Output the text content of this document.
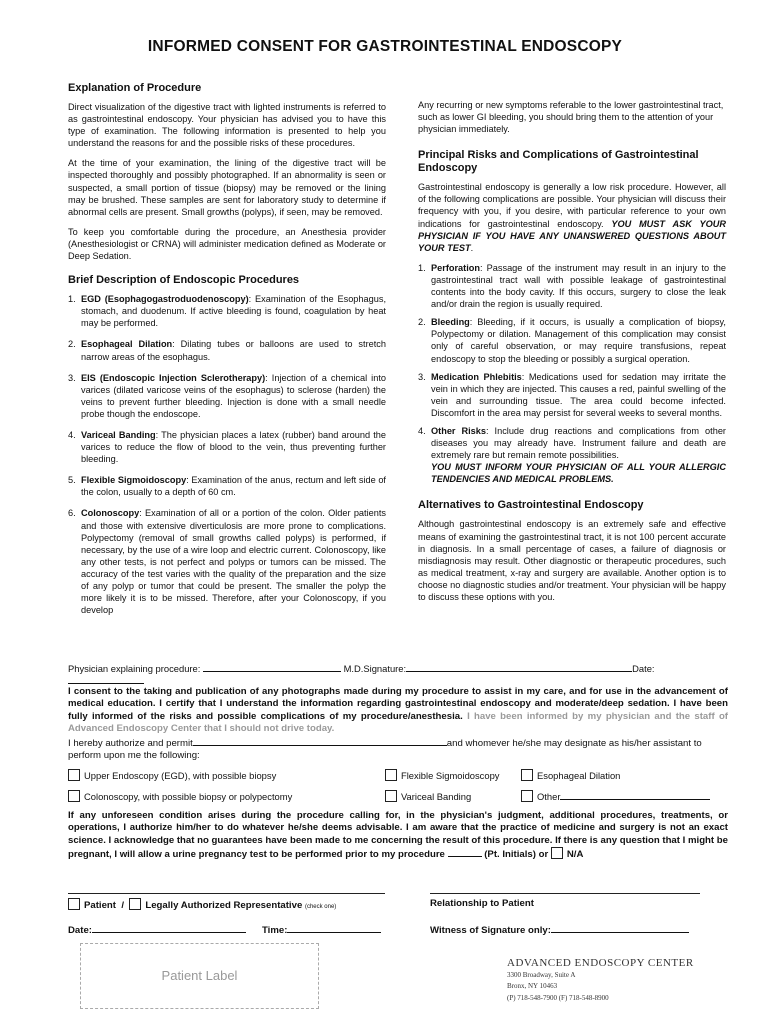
INFORMED CONSENT FOR GASTROINTESTINAL ENDOSCOPY
Explanation of Procedure

Direct visualization of the digestive tract with lighted instruments is referred to as gastrointestinal endoscopy. Your physician has advised you to have this type of examination. The following information is presented to help you understand the reasons for and the possible risks of these procedures.

At the time of your examination, the lining of the digestive tract will be inspected thoroughly and possibly photographed. If an abnormality is seen or suspected, a small portion of tissue (biopsy) may be removed or the lining may be brushed. These samples are sent for laboratory study to determine if abnormal cells are present. Small growths (polyps), if seen, may be removed.

To keep you comfortable during the procedure, an Anesthesia provider (Anesthesiologist or CRNA) will administer medication defined as Moderate or Deep Sedation.

Brief Description of Endoscopic Procedures
1. EGD (Esophagogastroduodenoscopy): Examination of the Esophagus, stomach, and duodenum. If active bleeding is found, coagulation by heat may be performed.
2. Esophageal Dilation: Dilating tubes or balloons are used to stretch narrow areas of the esophagus.
3. EIS (Endoscopic Injection Sclerotherapy): Injection of a chemical into varices (dilated varicose veins of the esophagus) to sclerose (harden) the veins to prevent further bleeding. Injection is done with a small needle probe though the endoscope.
4. Variceal Banding: The physician places a latex (rubber) band around the varices to reduce the flow of blood to the vein, thus preventing further bleeding.
5. Flexible Sigmoidoscopy: Examination of the anus, rectum and left side of the colon, usually to a depth of 60 cm.
6. Colonoscopy: Examination of all or a portion of the colon. Older patients and those with extensive diverticulosis are more prone to complications. Polypectomy (removal of small growths called polyps) is performed, if necessary, by the use of a wire loop and electric current. Colonoscopy, like any other tests, is not perfect and polyps or tumors can be missed. The accuracy of the test varies with the quality of the preparation and the size of any polyp or tumor that could be present. The smaller the polyp the more likely it is to be missed. Therefore, after your Colonoscopy, if you develop

Any recurring or new symptoms referable to the lower gastrointestinal tract, such as lower GI bleeding, you should bring them to the attention of your physician immediately.

Principal Risks and Complications of Gastrointestinal Endoscopy

Gastrointestinal endoscopy is generally a low risk procedure. However, all of the following complications are possible. Your physician will discuss their frequency with you, if you desire, with particular reference to your own indications for gastrointestinal endoscopy. YOU MUST ASK YOUR PHYSICIAN IF YOU HAVE ANY UNANSWERED QUESTIONS ABOUT YOUR TEST.

1. Perforation: Passage of the instrument may result in an injury to the gastrointestinal tract wall with possible leakage of gastrointestinal contents into the body cavity. If this occurs, surgery to close the leak and/or drain the region is usually required.
2. Bleeding: Bleeding, if it occurs, is usually a complication of biopsy, Polypectomy or dilation. Management of this complication may consist only of careful observation, or may require transfusions, repeat endoscopy to stop the bleeding or possibly a surgical operation.
3. Medication Phlebitis: Medications used for sedation may irritate the vein in which they are injected. This causes a red, painful swelling of the vein and surrounding tissue. The area could become infected. Discomfort in the area may persist for several weeks to several months.
4. Other Risks: Include drug reactions and complications from other diseases you may already have. Instrument failure and death are extremely rare but remain remote possibilities.

YOU MUST INFORM YOUR PHYSICIAN OF ALL YOUR ALLERGIC TENDENCIES AND MEDICAL PROBLEMS.

Alternatives to Gastrointestinal Endoscopy

Although gastrointestinal endoscopy is an extremely safe and effective means of examining the gastrointestinal tract, it is not 100 percent accurate in diagnosis. In a small percentage of cases, a failure of diagnosis or misdiagnosis may result. Other diagnostic or therapeutic procedures, such as medical treatment, x-ray and surgery are available. Another option is to choose no diagnostic studies and/or treatment. Your physician will be happy to discuss these options with you.

Physician explaining procedure:	M.D.Signature:	Date:
I consent to the taking and publication of any photographs made during my procedure to assist in my care, and for use in the advancement of medical education. I certify that I understand the information regarding gastrointestinal endoscopy and moderate/deep sedation. I have been fully informed of the risks and possible complications of my procedure/anesthesia. I have been informed by my physician and the staff of Advanced Endoscopy Center that I should not drive today.
I hereby authorize and permit	and whomever he/she may designate as his/her assistant to perform upon me the following:
Upper Endoscopy (EGD), with possible biopsy	Flexible Sigmoidoscopy	Esophageal Dilation
Colonoscopy, with possible biopsy or polypectomy	Variceal Banding	Other
If any unforeseen condition arises during the procedure calling for, in the physician's judgment, additional procedures, treatments, or operations, I authorize him/her to do whatever he/she deems advisable. I am aware that the practice of medicine and surgery is not an exact science. I acknowledge that no guarantees have been made to me concerning the result of this procedure. If there is any question that I might be pregnant, I will allow a urine pregnancy test to be performed prior to my procedure	(Pt. Initials) or N/A
Patient / Legally Authorized Representative (check one)	Relationship to Patient
Date:	Time:	Witness of Signature only:
Patient Label
ADVANCED ENDOSCOPY CENTER
3300 Broadway, Suite A
Bronx, NY 10463
(P) 718-548-7900 (F) 718-548-8900
